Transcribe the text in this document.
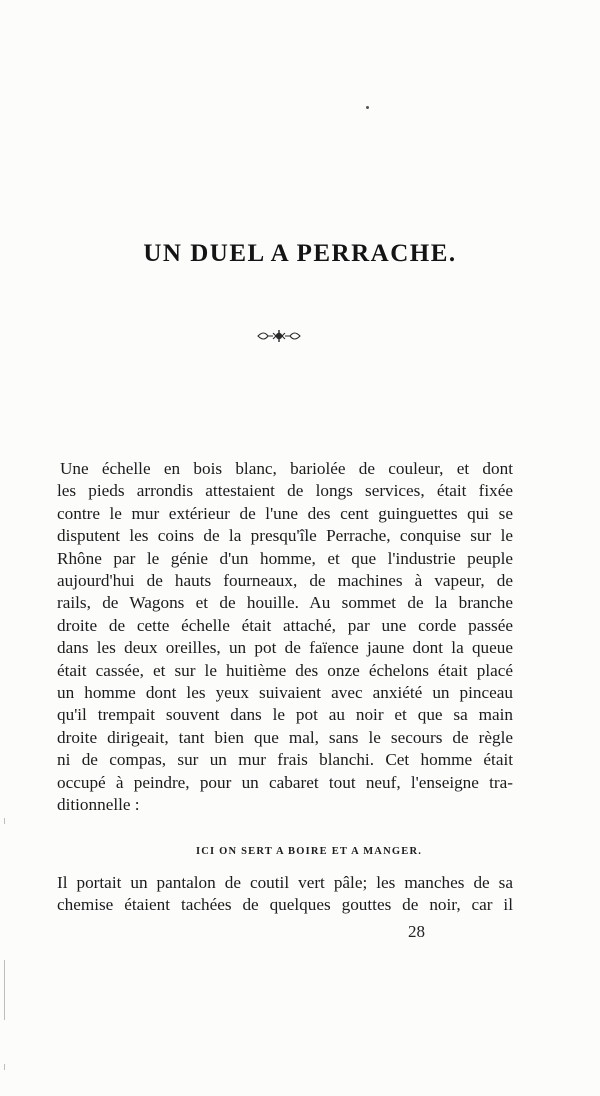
UN DUEL A PERRACHE.
Une échelle en bois blanc, bariolée de couleur, et dont
les pieds arrondis attestaient de longs services, était fixée
contre le mur extérieur de l'une des cent guinguettes qui se
disputent les coins de la presqu'île Perrache, conquise sur le
Rhône par le génie d'un homme, et que l'industrie peuple
aujourd'hui de hauts fourneaux, de machines à vapeur, de
rails, de Wagons et de houille. Au sommet de la branche
droite de cette échelle était attaché, par une corde passée
dans les deux oreilles, un pot de faïence jaune dont la queue
était cassée, et sur le huitième des onze échelons était placé
un homme dont les yeux suivaient avec anxiété un pinceau
qu'il trempait souvent dans le pot au noir et que sa main
droite dirigeait, tant bien que mal, sans le secours de règle
ni de compas, sur un mur frais blanchi. Cet homme était
occupé à peindre, pour un cabaret tout neuf, l'enseigne tra-
ditionnelle :
ICI ON SERT A BOIRE ET A MANGER.
Il portait un pantalon de coutil vert pâle; les manches de sa
chemise étaient tachées de quelques gouttes de noir, car il
28
